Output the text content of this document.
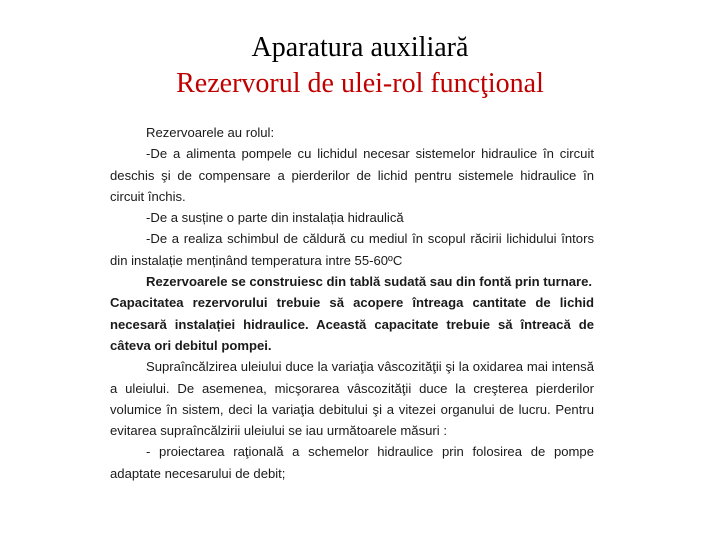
Aparatura auxiliară
Rezervorul de ulei-rol funcţional

Rezervoarele au rolul:

-De a alimenta pompele cu lichidul necesar sistemelor hidraulice în circuit deschis şi de compensare a pierderilor de lichid pentru sistemele hidraulice în circuit închis.

-De a susține o parte din instalația hidraulică

-De a realiza schimbul de căldură cu mediul în scopul răcirii lichidului întors din instalație menținând temperatura intre 55-60ºC

Rezervoarele se construiesc din tablă sudată sau din fontă prin turnare.

Capacitatea rezervorului trebuie să acopere întreaga cantitate de lichid necesară instalației hidraulice. Această capacitate trebuie să întreacă de câteva ori debitul pompei.

Supraîncălzirea uleiului duce la variaţia vâscozităţii şi la oxidarea mai intensă a uleiului. De asemenea, micşorarea vâscozităţii duce la creşterea pierderilor volumice în sistem, deci la variaţia debitului şi a vitezei organului de lucru. Pentru evitarea supraîncălzirii uleiului se iau următoarele măsuri :

- proiectarea raţională a schemelor hidraulice prin folosirea de pompe adaptate necesarului de debit;
